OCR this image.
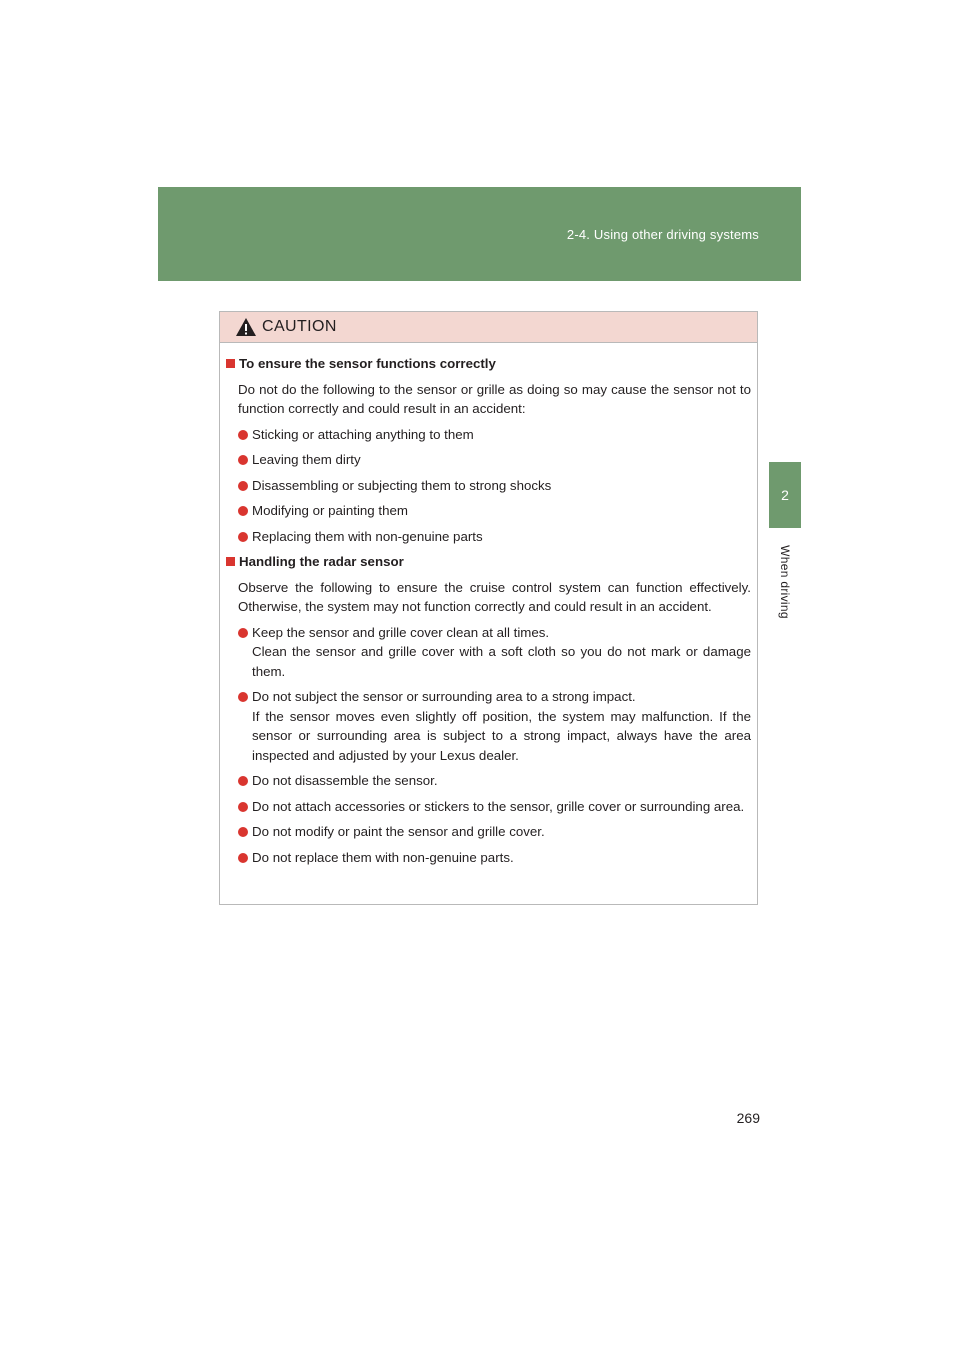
2-4. Using other driving systems
2
When driving
CAUTION
To ensure the sensor functions correctly
Do not do the following to the sensor or grille as doing so may cause the sensor not to function correctly and could result in an accident:
Sticking or attaching anything to them
Leaving them dirty
Disassembling or subjecting them to strong shocks
Modifying or painting them
Replacing them with non-genuine parts
Handling the radar sensor
Observe the following to ensure the cruise control system can function effectively. Otherwise, the system may not function correctly and could result in an accident.
Keep the sensor and grille cover clean at all times.
Clean the sensor and grille cover with a soft cloth so you do not mark or damage them.
Do not subject the sensor or surrounding area to a strong impact.
If the sensor moves even slightly off position, the system may malfunction. If the sensor or surrounding area is subject to a strong impact, always have the area inspected and adjusted by your Lexus dealer.
Do not disassemble the sensor.
Do not attach accessories or stickers to the sensor, grille cover or surrounding area.
Do not modify or paint the sensor and grille cover.
Do not replace them with non-genuine parts.
269
